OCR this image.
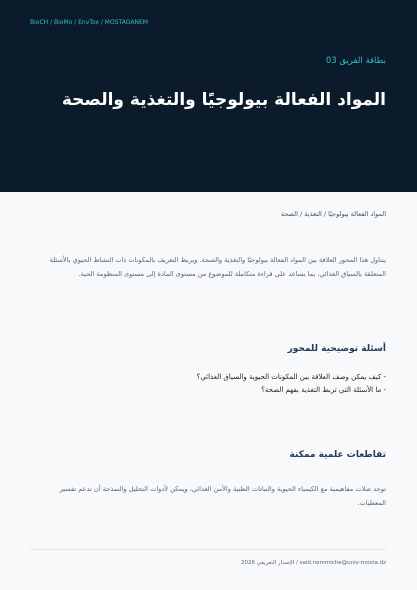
BioCH / BioMo / EnvTox / MOSTAGANEM
بطاقة الفريق 03
المواد الفعالة بيولوجيًا والتغذية والصحة
المواد الفعالة بيولوجيًا / التغذية / الصحة

يتناول هذا المحور العلاقة بين المواد الفعالة بيولوجيًا والتغذية والصحة. ويربط التعريف بالمكونات ذات النشاط الحيوي بالأسئلة المتعلقة بالسياق الغذائي، بما يساعد على قراءة متكاملة للموضوع من مستوى المادة إلى مستوى المنظومة الحية.

أسئلة توضيحية للمحور
- كيف يمكن وصف العلاقة بين المكونات الحيوية والسياق الغذائي؟
- ما الأسئلة التي تربط التغذية بفهم الصحة؟
تقاطعات علمية ممكنة

توجد صلات مفاهيمية مع الكيمياء الحيوية والنباتات الطبية والأمن الغذائي، ويمكن لأدوات التحليل والنمذجة أن تدعم تفسير المعطيات.

said.nemmiche@univ-mosta.dz / الإصدار التعريفي 2026
